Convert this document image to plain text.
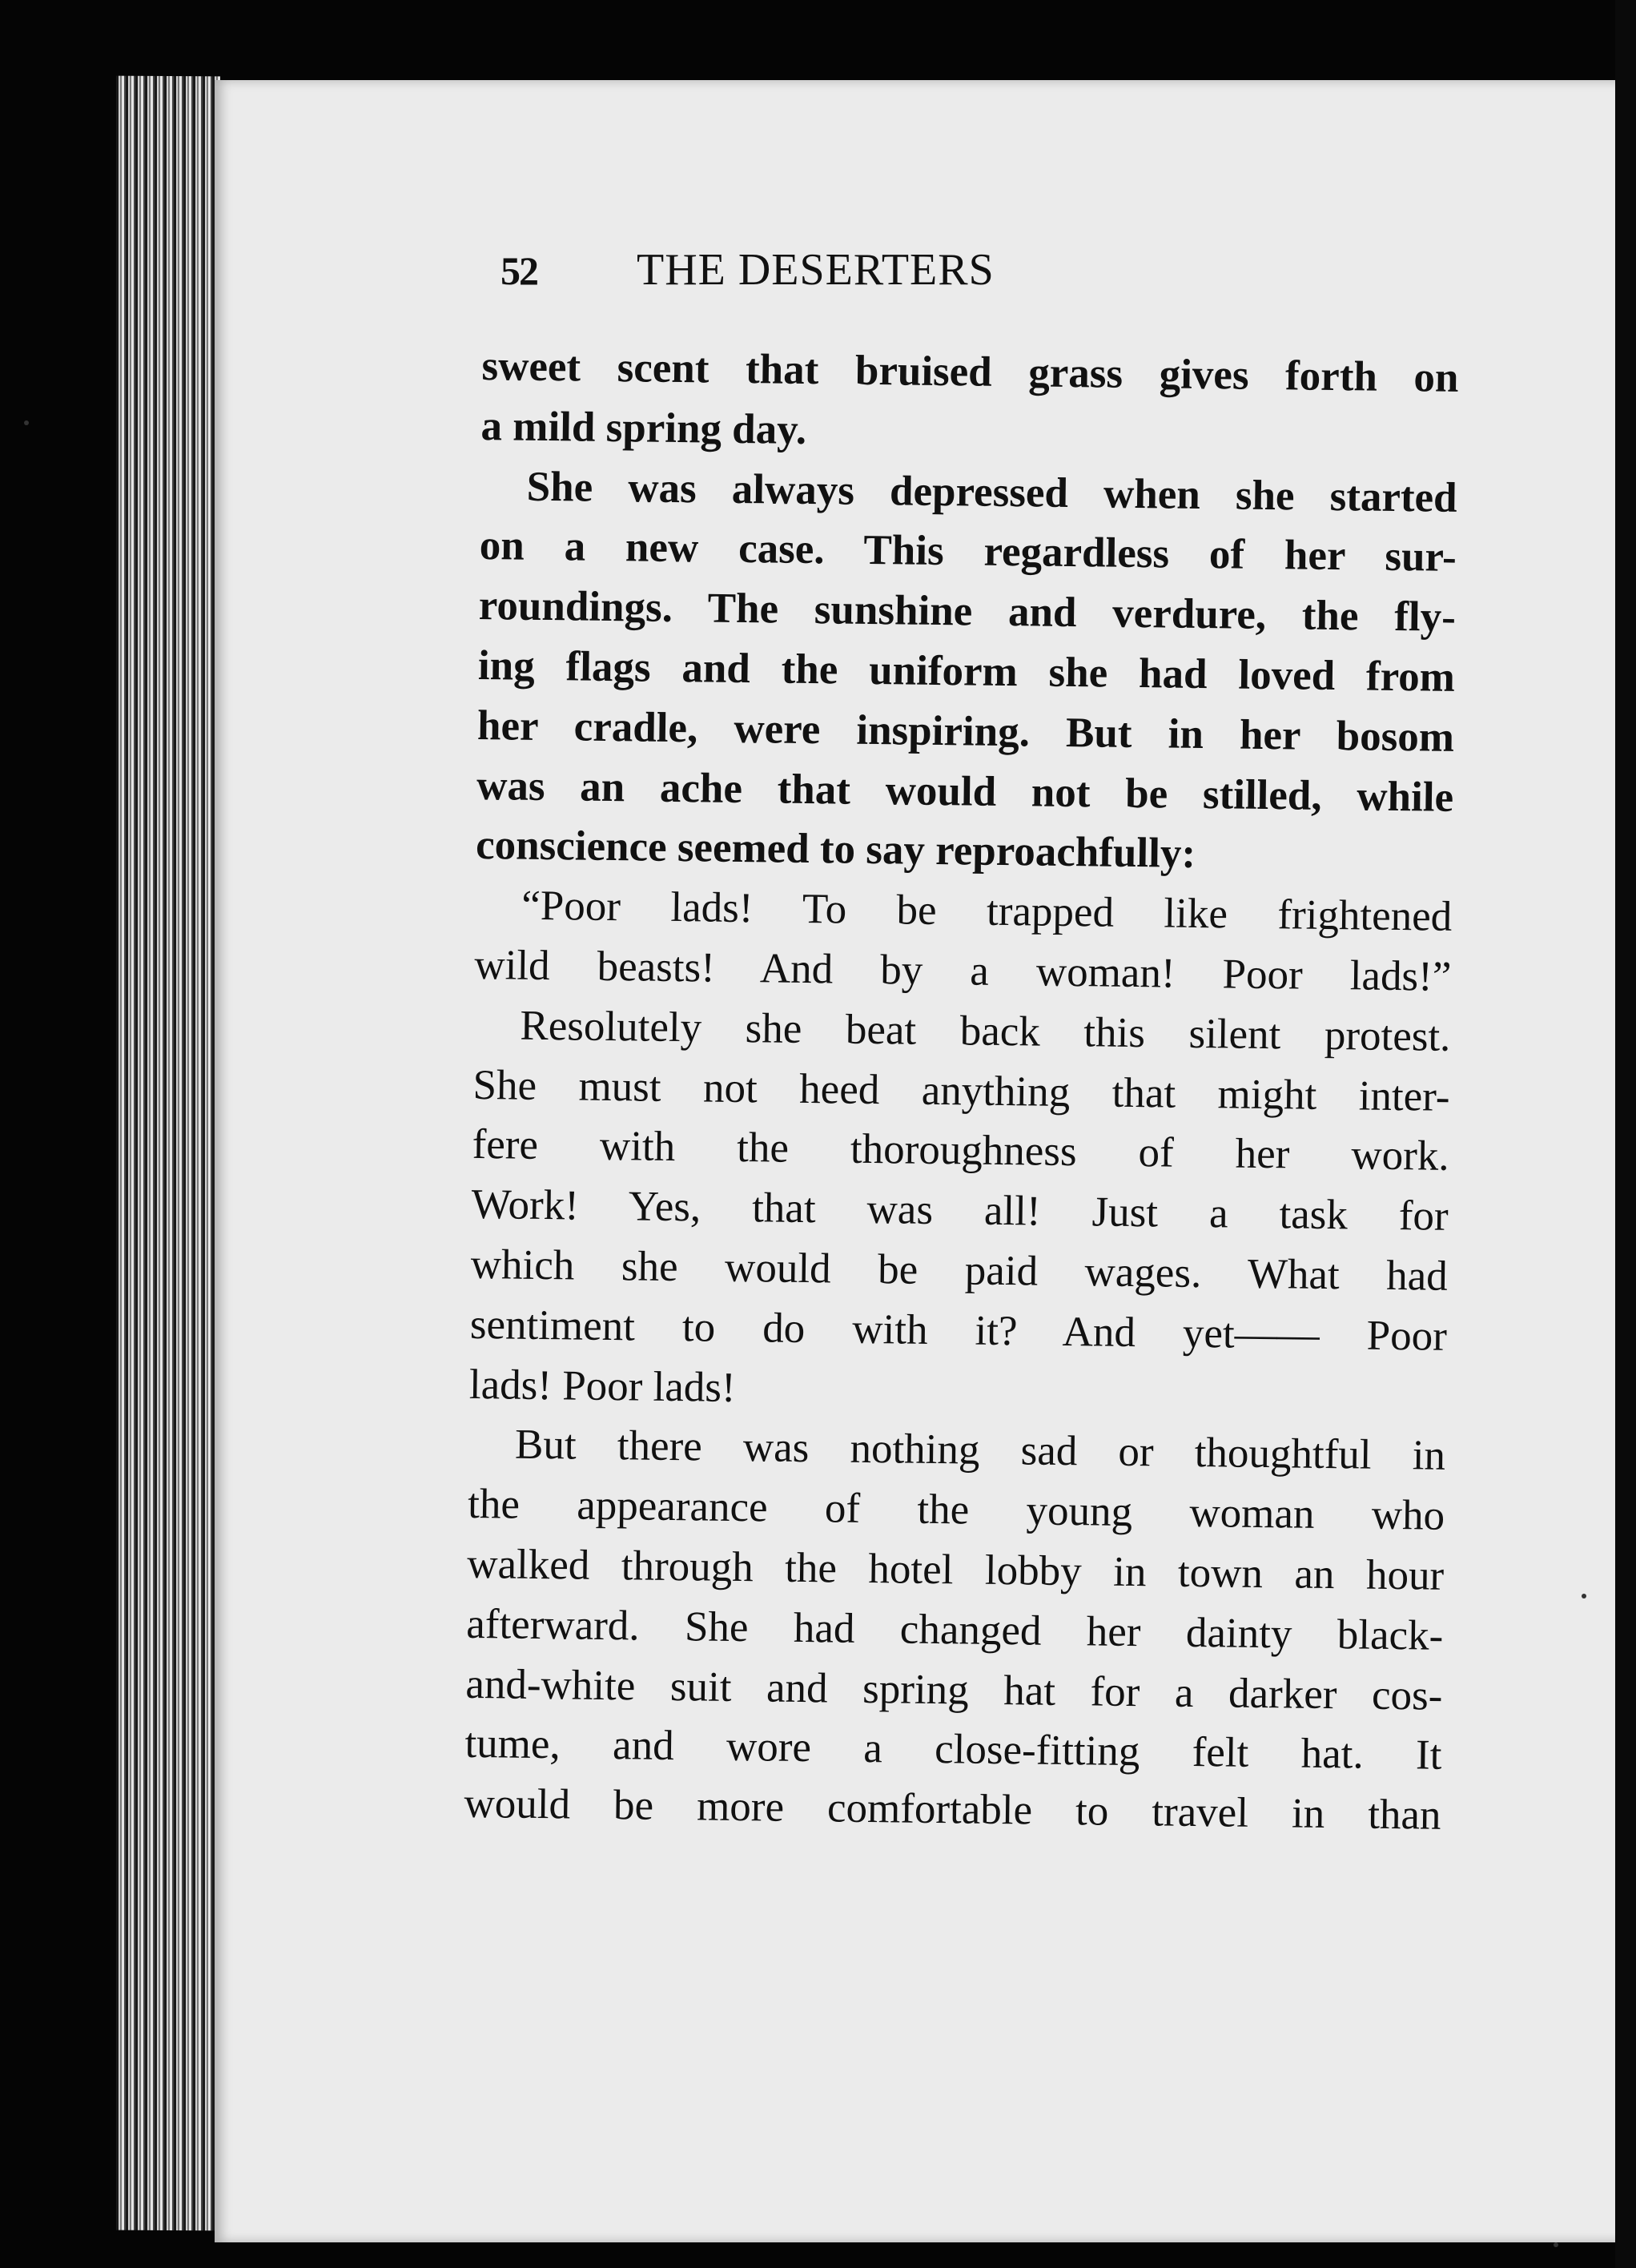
52	THE DESERTERS
sweet scent that bruised grass gives forth on
a mild spring day.
She was always depressed when she started
on a new case. This regardless of her sur-
roundings. The sunshine and verdure, the fly-
ing flags and the uniform she had loved from
her cradle, were inspiring. But in her bosom
was an ache that would not be stilled, while
conscience seemed to say reproachfully:
“Poor lads! To be trapped like frightened
wild beasts! And by a woman! Poor lads!”
Resolutely she beat back this silent protest.
She must not heed anything that might inter-
fere with the thoroughness of her work.
Work! Yes, that was all! Just a task for
which she would be paid wages. What had
sentiment to do with it? And yet—— Poor
lads! Poor lads!
But there was nothing sad or thoughtful in
the appearance of the young woman who
walked through the hotel lobby in town an hour
afterward. She had changed her dainty black-
and-white suit and spring hat for a darker cos-
tume, and wore a close-fitting felt hat. It
would be more comfortable to travel in than
